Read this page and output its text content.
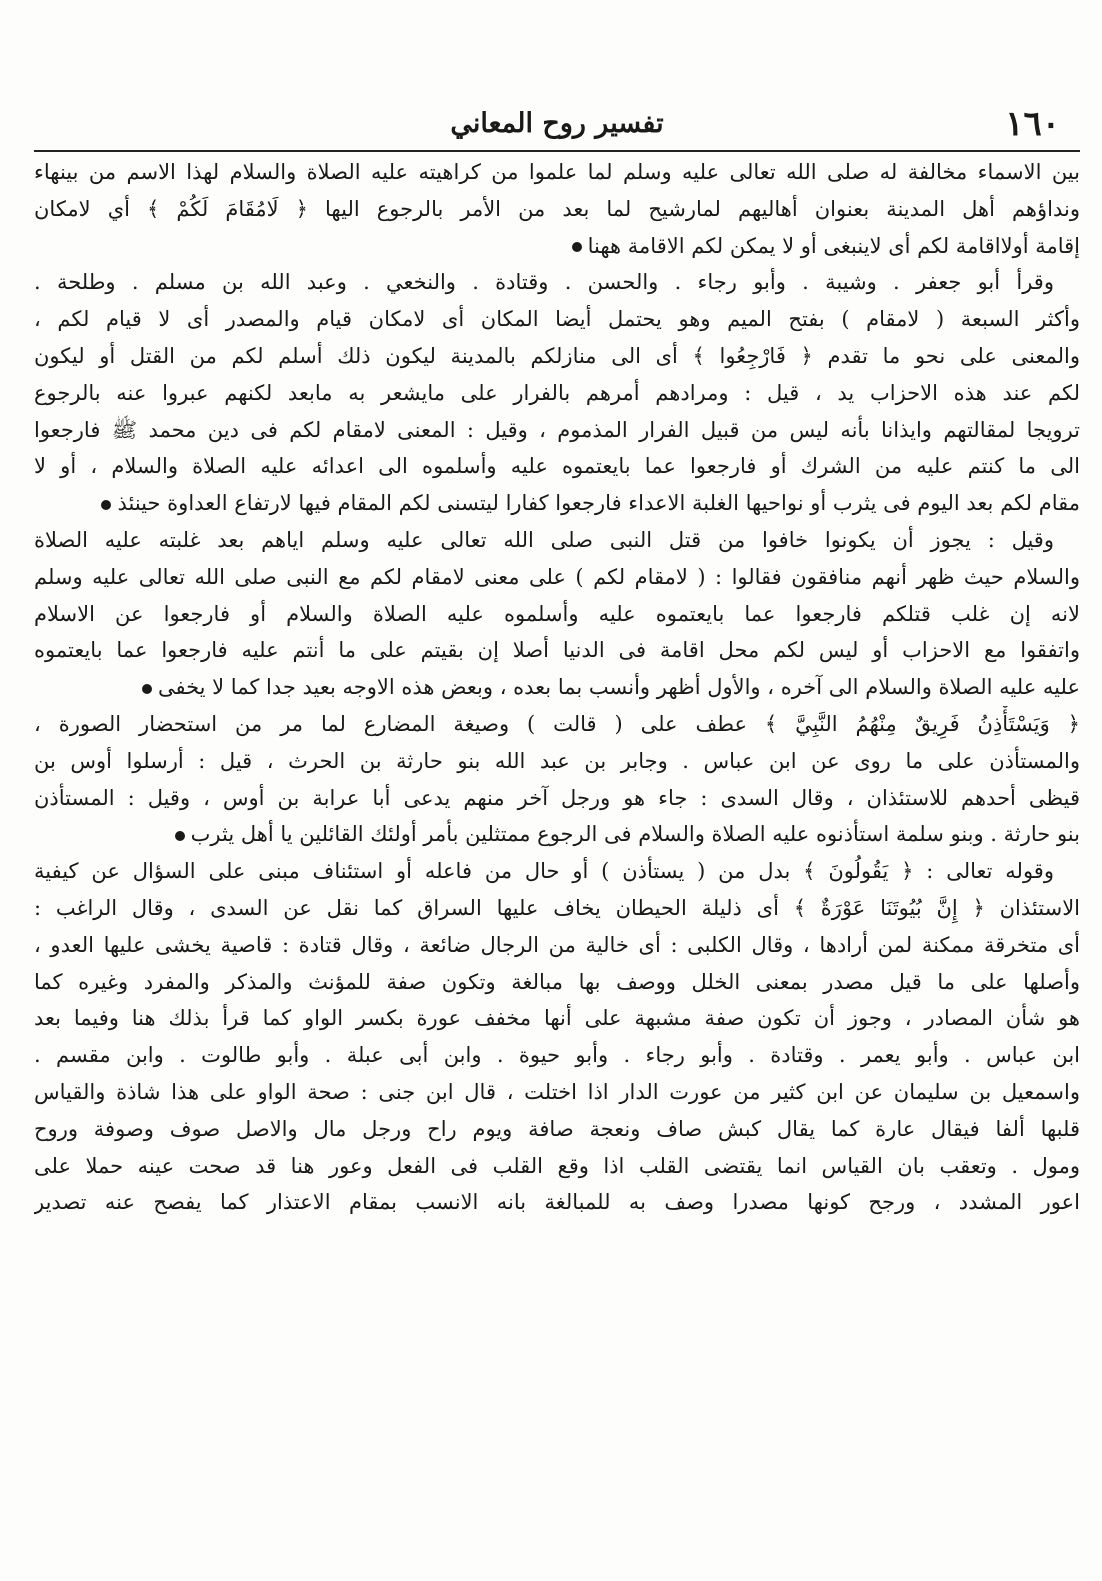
١٦٠
تفسير روح المعاني
بين الاسماء مخالفة له صلى الله تعالى عليه وسلم لما علموا من كراهيته عليه الصلاة والسلام لهذا الاسم من بينهاء
ونداؤهم أهل المدينة بعنوان أهاليهم لمارشيح لما بعد من الأمر بالرجوع اليها ﴿ لَامُقَامَ لَكُمْ ﴾ أي لامكان
إقامة أولااقامة لكم أى لاينبغى أو لا يمكن لكم الاقامة ههنا
وقرأ أبو جعفر . وشيبة . وأبو رجاء . والحسن . وقتادة . والنخعي . وعبد الله بن مسلم . وطلحة .
وأكثر السبعة ( لامقام ) بفتح الميم وهو يحتمل أيضا المكان أى لامكان قيام والمصدر أى لا قيام لكم ،
والمعنى على نحو ما تقدم ﴿ فَارْجِعُوا ﴾ أى الى منازلكم بالمدينة ليكون ذلك أسلم لكم من القتل أو ليكون
لكم عند هذه الاحزاب يد ، قيل : ومرادهم أمرهم بالفرار على مايشعر به مابعد لكنهم عبروا عنه بالرجوع
ترويجا لمقالتهم وايذانا بأنه ليس من قبيل الفرار المذموم ، وقيل : المعنى لامقام لكم فى دين محمد ﷺ فارجعوا
الى ما كنتم عليه من الشرك أو فارجعوا عما بايعتموه عليه وأسلموه الى اعدائه عليه الصلاة والسلام ، أو لا
مقام لكم بعد اليوم فى يثرب أو نواحيها الغلبة الاعداء فارجعوا كفارا ليتسنى لكم المقام فيها لارتفاع العداوة حينئذ
وقيل : يجوز أن يكونوا خافوا من قتل النبى صلى الله تعالى عليه وسلم اياهم بعد غلبته عليه الصلاة
والسلام حيث ظهر أنهم منافقون فقالوا : ( لامقام لكم ) على معنى لامقام لكم مع النبى صلى الله تعالى عليه وسلم
لانه إن غلب قتلكم فارجعوا عما بايعتموه عليه وأسلموه عليه الصلاة والسلام أو فارجعوا عن الاسلام
واتفقوا مع الاحزاب أو ليس لكم محل اقامة فى الدنيا أصلا إن بقيتم على ما أنتم عليه فارجعوا عما بايعتموه
عليه عليه الصلاة والسلام الى آخره ، والأول أظهر وأنسب بما بعده ، وبعض هذه الاوجه بعيد جدا كما لا يخفى
﴿ وَيَسْتَأْذِنُ فَرِيقٌ مِنْهُمُ النَّبِيَّ ﴾ عطف على ( قالت ) وصيغة المضارع لما مر من استحضار الصورة ،
والمستأذن على ما روى عن ابن عباس . وجابر بن عبد الله بنو حارثة بن الحرث ، قيل : أرسلوا أوس بن
قيظى أحدهم للاستئذان ، وقال السدى : جاء هو ورجل آخر منهم يدعى أبا عرابة بن أوس ، وقيل : المستأذن
بنو حارثة . وبنو سلمة استأذنوه عليه الصلاة والسلام فى الرجوع ممتثلين بأمر أولئك القائلين يا أهل يثرب
وقوله تعالى : ﴿ يَقُولُونَ ﴾ بدل من ( يستأذن ) أو حال من فاعله أو استئناف مبنى على السؤال عن كيفية
الاستئذان ﴿ إِنَّ بُيُوتَنَا عَوْرَةٌ ﴾ أى ذليلة الحيطان يخاف عليها السراق كما نقل عن السدى ، وقال الراغب :
أى متخرقة ممكنة لمن أرادها ، وقال الكلبى : أى خالية من الرجال ضائعة ، وقال قتادة : قاصية يخشى عليها العدو ،
وأصلها على ما قيل مصدر بمعنى الخلل ووصف بها مبالغة وتكون صفة للمؤنث والمذكر والمفرد وغيره كما
هو شأن المصادر ، وجوز أن تكون صفة مشبهة على أنها مخفف عورة بكسر الواو كما قرأ بذلك هنا وفيما بعد
ابن عباس . وأبو يعمر . وقتادة . وأبو رجاء . وأبو حيوة . وابن أبى عبلة . وأبو طالوت . وابن مقسم .
واسمعيل بن سليمان عن ابن كثير من عورت الدار اذا اختلت ، قال ابن جنى : صحة الواو على هذا شاذة والقياس
قلبها ألفا فيقال عارة كما يقال كبش صاف ونعجة صافة ويوم راح ورجل مال والاصل صوف وصوفة وروح
ومول . وتعقب بان القياس انما يقتضى القلب اذا وقع القلب فى الفعل وعور هنا قد صحت عينه حملا على
اعور المشدد ، ورجح كونها مصدرا وصف به للمبالغة بانه الانسب بمقام الاعتذار كما يفصح عنه تصدير
